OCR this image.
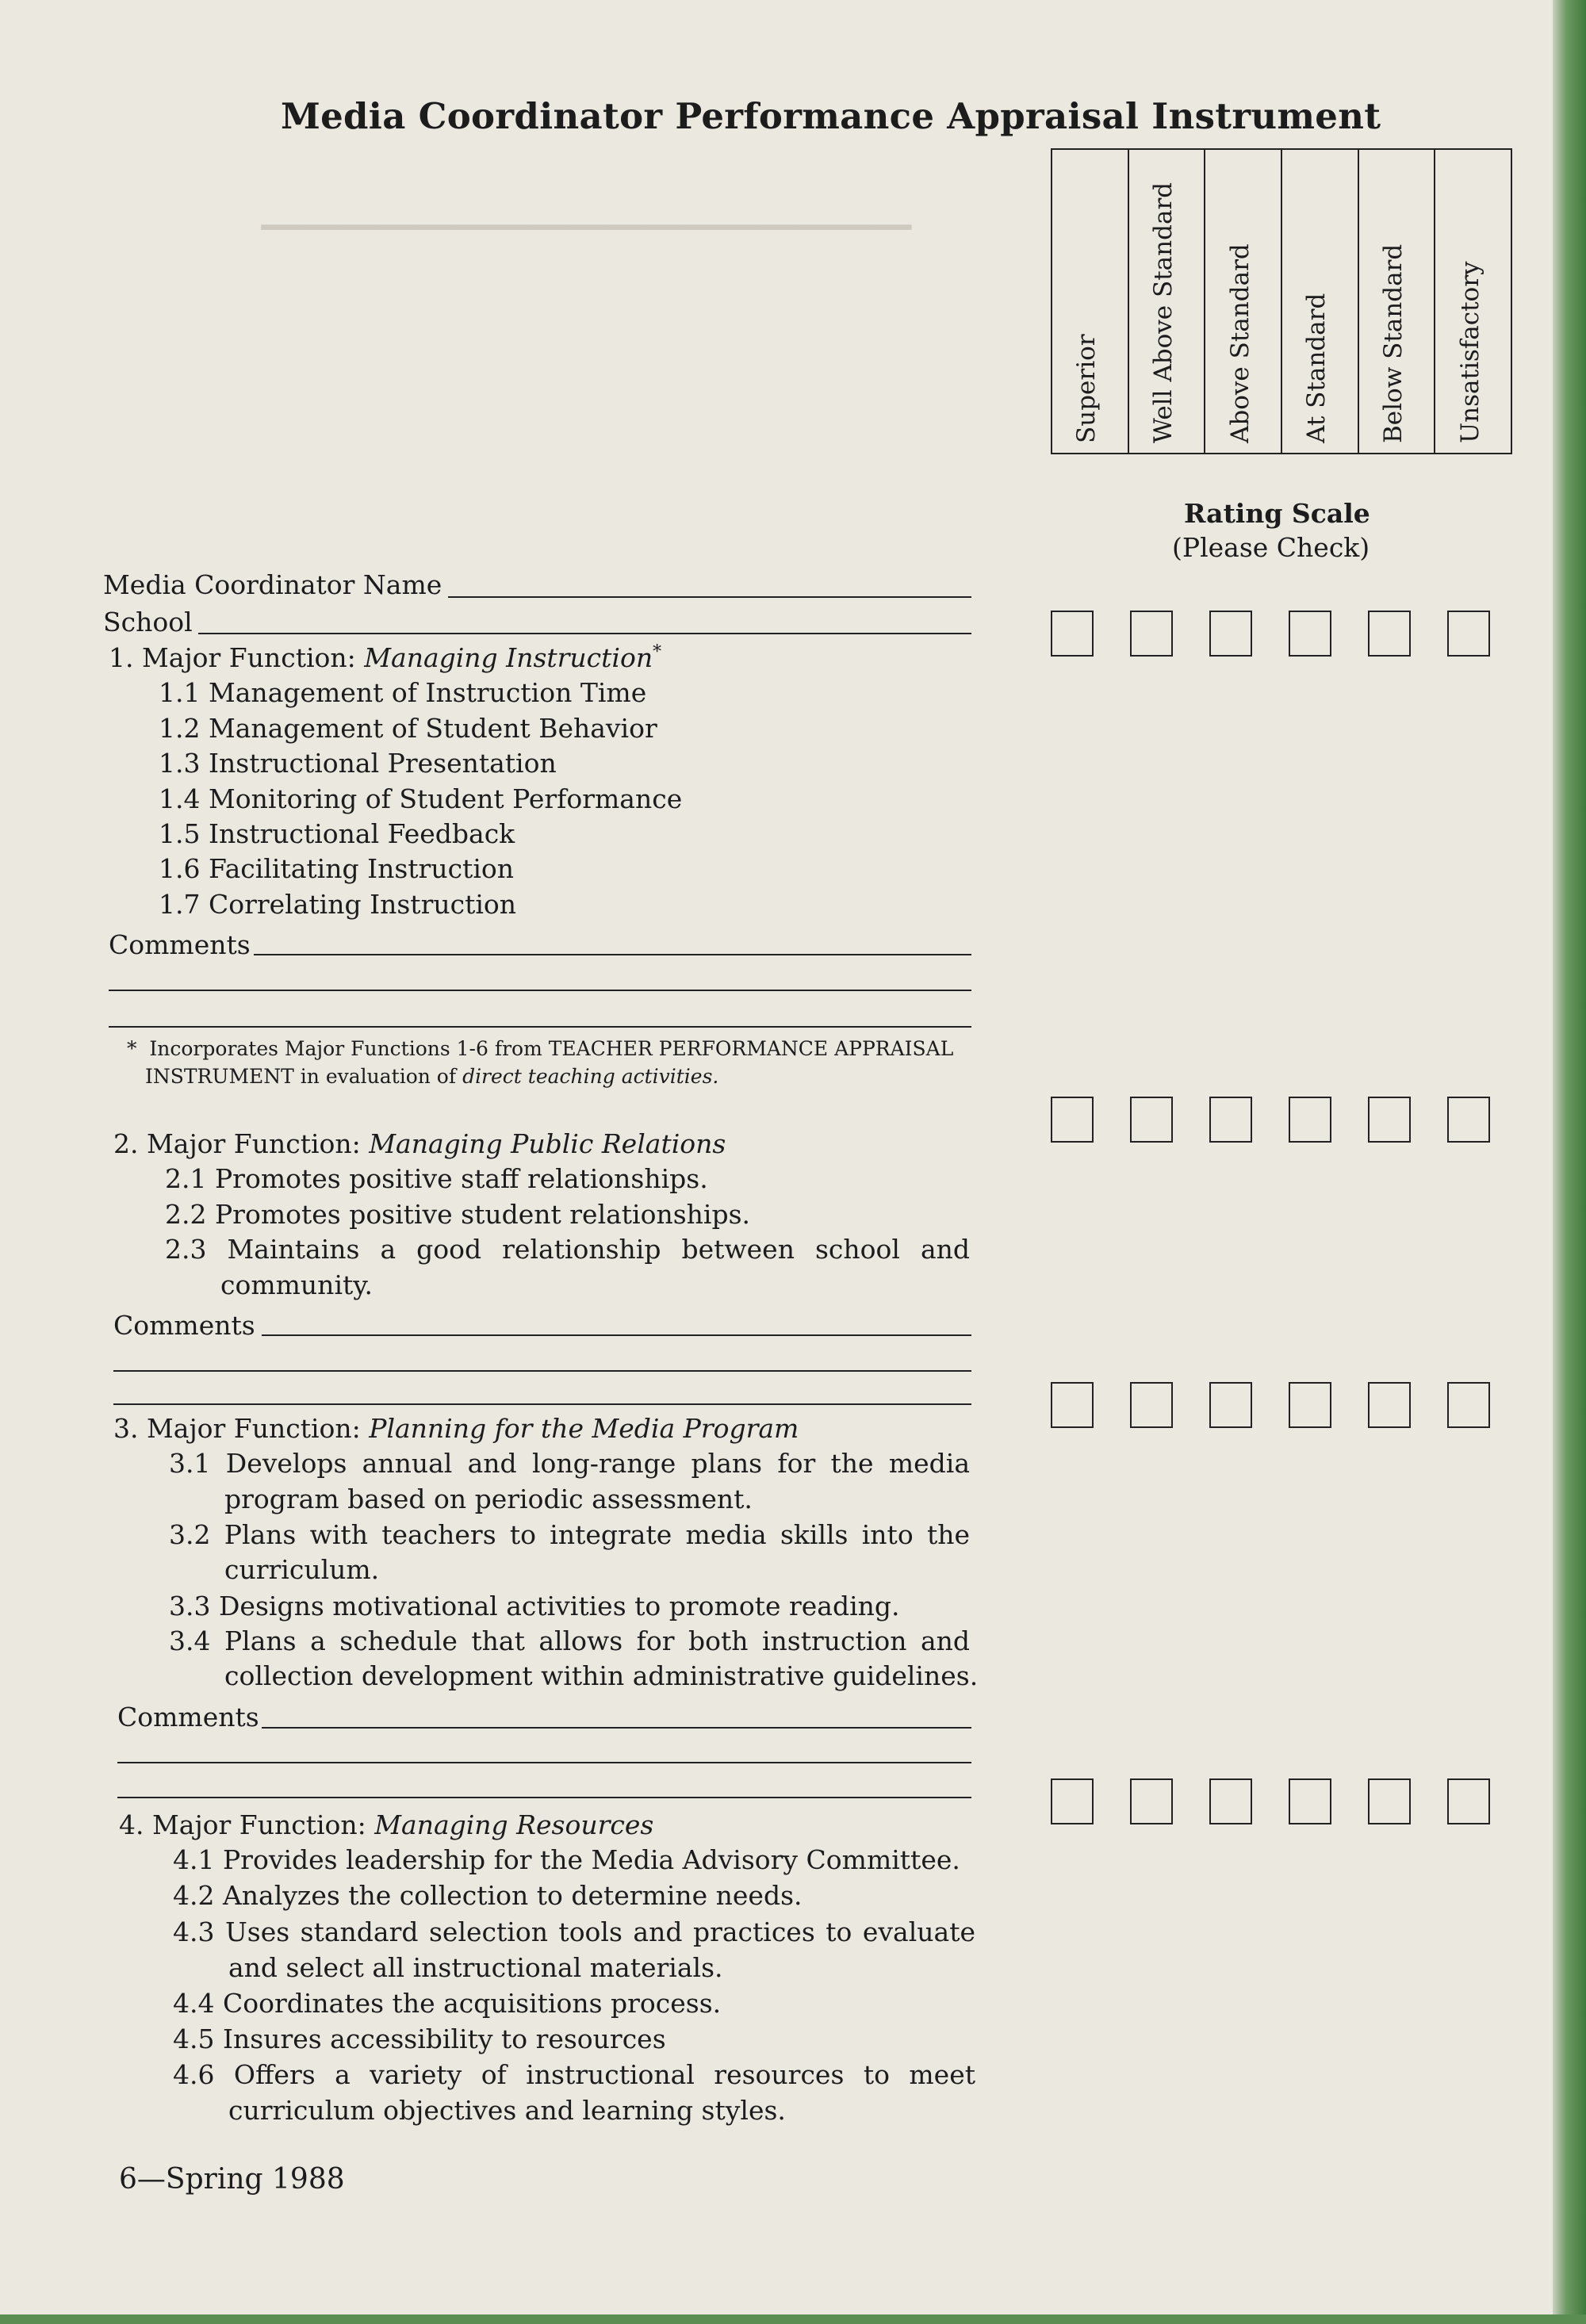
─────────────────
Media Coordinator Performance Appraisal Instrument
Superior Well Above Standard Above Standard At Standard Below Standard Unsatisfactory
Rating Scale
(Please Check)
Media Coordinator Name
School
1. Major Function: Managing Instruction*
1.1 Management of Instruction Time
1.2 Management of Student Behavior
1.3 Instructional Presentation
1.4 Monitoring of Student Performance
1.5 Instructional Feedback
1.6 Facilitating Instruction
1.7 Correlating Instruction
Comments
* Incorporates Major Functions 1-6 from TEACHER PERFORMANCE APPRAISAL
INSTRUMENT in evaluation of direct teaching activities.
2. Major Function: Managing Public Relations
2.1 Promotes positive staff relationships.
2.2 Promotes positive student relationships.
2.3 Maintains a good relationship between school and
community.
Comments
3. Major Function: Planning for the Media Program
3.1 Develops annual and long-range plans for the media
program based on periodic assessment.
3.2 Plans with teachers to integrate media skills into the
curriculum.
3.3 Designs motivational activities to promote reading.
3.4 Plans a schedule that allows for both instruction and
collection development within administrative guidelines.
Comments
4. Major Function: Managing Resources
4.1 Provides leadership for the Media Advisory Committee.
4.2 Analyzes the collection to determine needs.
4.3 Uses standard selection tools and practices to evaluate
and select all instructional materials.
4.4 Coordinates the acquisitions process.
4.5 Insures accessibility to resources
4.6 Offers a variety of instructional resources to meet
curriculum objectives and learning styles.
6—Spring 1988
